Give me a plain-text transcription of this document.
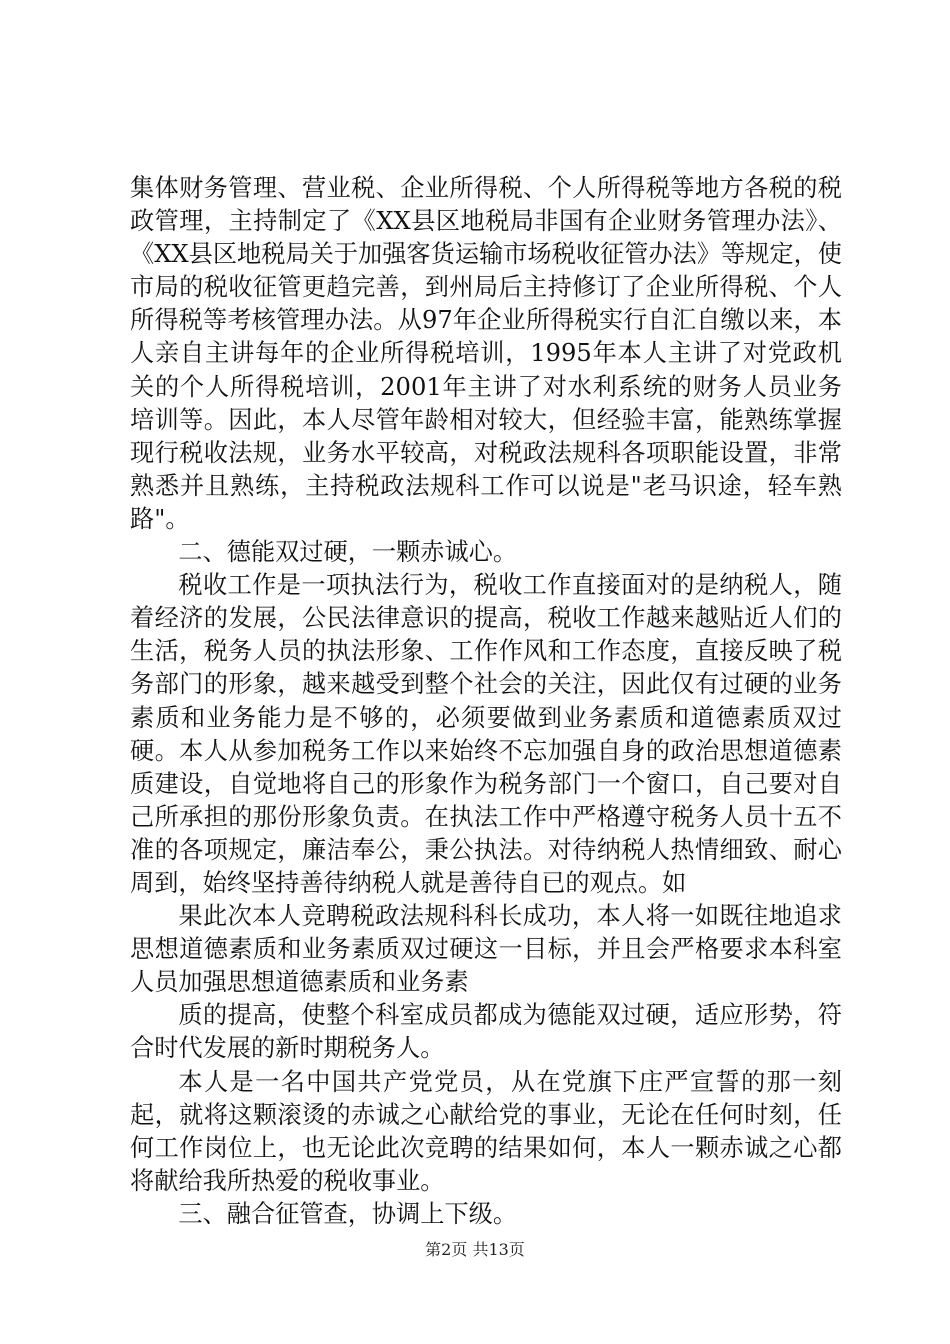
集体财务管理、营业税、企业所得税、个人所得税等地方各税的税政管理，主持制定了《XX县区地税局非国有企业财务管理办法》、《XX县区地税局关于加强客货运输市场税收征管办法》等规定，使市局的税收征管更趋完善，到州局后主持修订了企业所得税、个人所得税等考核管理办法。从97年企业所得税实行自汇自缴以来，本人亲自主讲每年的企业所得税培训，1995年本人主讲了对党政机关的个人所得税培训，2001年主讲了对水利系统的财务人员业务培训等。因此，本人尽管年龄相对较大，但经验丰富，能熟练掌握现行税收法规，业务水平较高，对税政法规科各项职能设置，非常熟悉并且熟练，主持税政法规科工作可以说是"老马识途，轻车熟路"。

二、德能双过硬，一颗赤诚心。

税收工作是一项执法行为，税收工作直接面对的是纳税人，随着经济的发展，公民法律意识的提高，税收工作越来越贴近人们的生活，税务人员的执法形象、工作作风和工作态度，直接反映了税务部门的形象，越来越受到整个社会的关注，因此仅有过硬的业务素质和业务能力是不够的，必须要做到业务素质和道德素质双过硬。本人从参加税务工作以来始终不忘加强自身的政治思想道德素质建设，自觉地将自己的形象作为税务部门一个窗口，自己要对自己所承担的那份形象负责。在执法工作中严格遵守税务人员十五不准的各项规定，廉洁奉公，秉公执法。对待纳税人热情细致、耐心周到，始终坚持善待纳税人就是善待自已的观点。如

果此次本人竞聘税政法规科科长成功，本人将一如既往地追求思想道德素质和业务素质双过硬这一目标，并且会严格要求本科室人员加强思想道德素质和业务素

质的提高，使整个科室成员都成为德能双过硬，适应形势，符合时代发展的新时期税务人。

本人是一名中国共产党党员，从在党旗下庄严宣誓的那一刻起，就将这颗滚烫的赤诚之心献给党的事业，无论在任何时刻，任何工作岗位上，也无论此次竞聘的结果如何，本人一颗赤诚之心都将献给我所热爱的税收事业。

三、融合征管查，协调上下级。

第2页 共13页
